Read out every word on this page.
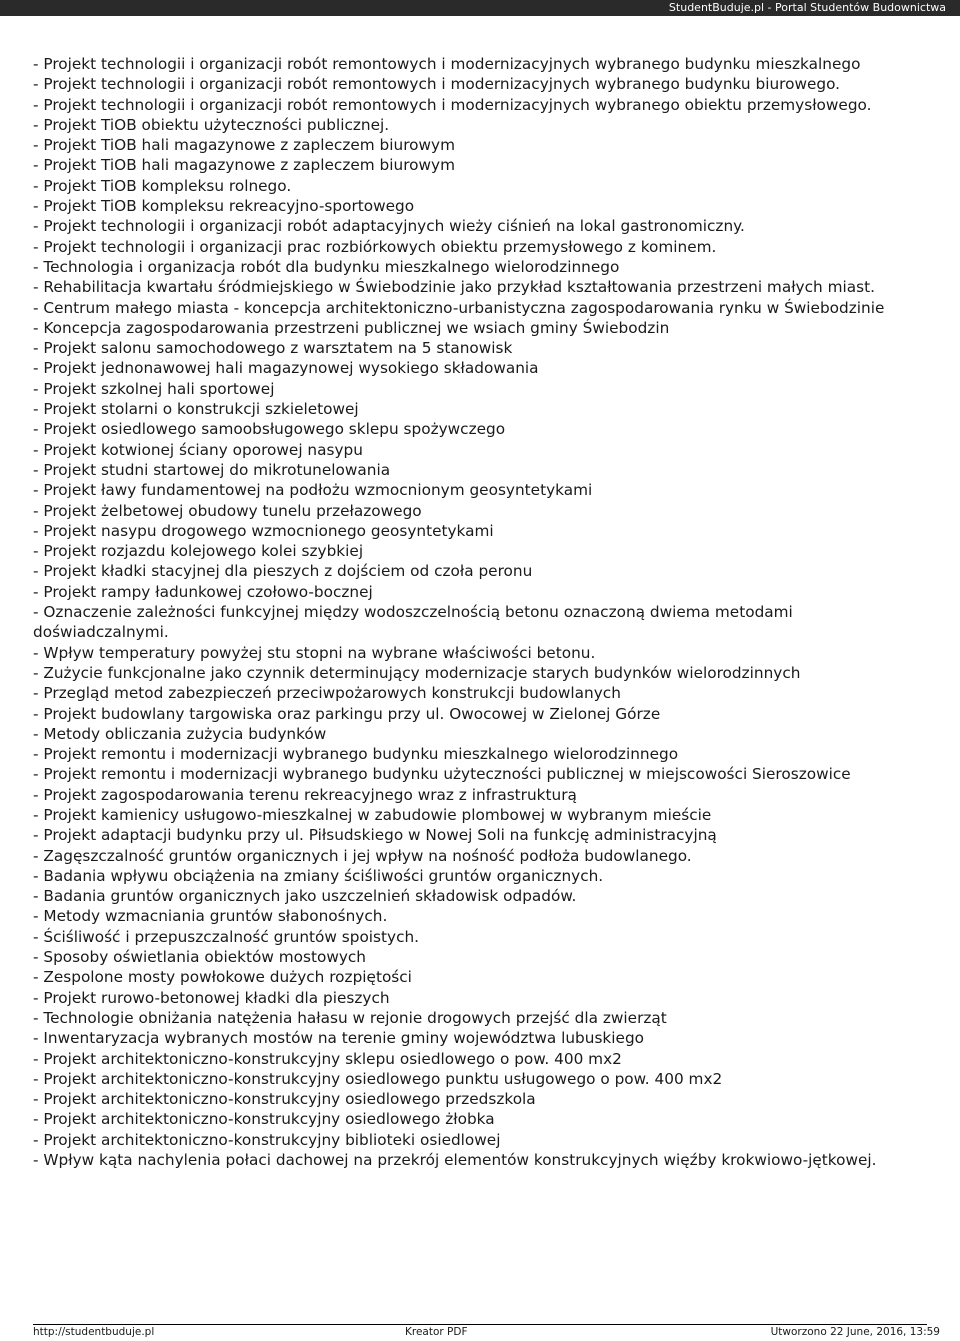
StudentBuduje.pl - Portal Studentów Budownictwa
- Projekt technologii i organizacji robót remontowych i modernizacyjnych wybranego budynku mieszkalnego
- Projekt technologii i organizacji robót remontowych i modernizacyjnych wybranego budynku biurowego.
- Projekt technologii i organizacji robót remontowych i modernizacyjnych wybranego obiektu przemysłowego.
- Projekt TiOB obiektu użyteczności publicznej.
- Projekt TiOB hali magazynowe z zapleczem biurowym
- Projekt TiOB hali magazynowe z zapleczem biurowym
- Projekt TiOB kompleksu rolnego.
- Projekt TiOB kompleksu rekreacyjno-sportowego
- Projekt technologii i organizacji robót adaptacyjnych wieży ciśnień na lokal gastronomiczny.
- Projekt technologii i organizacji prac rozbiórkowych obiektu przemysłowego z kominem.
- Technologia i organizacja robót dla budynku mieszkalnego wielorodzinnego
- Rehabilitacja kwartału śródmiejskiego w Świebodzinie jako przykład kształtowania przestrzeni małych miast.
- Centrum małego miasta - koncepcja architektoniczno-urbanistyczna zagospodarowania rynku w Świebodzinie
- Koncepcja zagospodarowania przestrzeni publicznej we wsiach gminy Świebodzin
- Projekt salonu samochodowego z warsztatem na 5 stanowisk
- Projekt jednonawowej hali magazynowej wysokiego składowania
- Projekt szkolnej hali sportowej
- Projekt stolarni o konstrukcji szkieletowej
- Projekt osiedlowego samoobsługowego sklepu spożywczego
- Projekt kotwionej ściany oporowej nasypu
- Projekt studni startowej do mikrotunelowania
- Projekt ławy fundamentowej na podłożu wzmocnionym geosyntetykami
- Projekt żelbetowej obudowy tunelu przełazowego
- Projekt nasypu drogowego wzmocnionego geosyntetykami
- Projekt rozjazdu kolejowego kolei szybkiej
- Projekt kładki stacyjnej dla pieszych z dojściem od czoła peronu
- Projekt rampy ładunkowej czołowo-bocznej
- Oznaczenie zależności funkcyjnej między wodoszczelnością betonu oznaczoną dwiema metodami doświadczalnymi.
- Wpływ temperatury powyżej stu stopni na wybrane właściwości betonu.
- Zużycie funkcjonalne jako czynnik determinujący modernizacje starych budynków wielorodzinnych
- Przegląd metod zabezpieczeń przeciwpożarowych konstrukcji budowlanych
- Projekt budowlany targowiska oraz parkingu przy ul. Owocowej w Zielonej Górze
- Metody obliczania zużycia budynków
- Projekt remontu i modernizacji wybranego budynku mieszkalnego wielorodzinnego
- Projekt remontu i modernizacji wybranego budynku użyteczności publicznej w miejscowości Sieroszowice
- Projekt zagospodarowania terenu rekreacyjnego wraz z infrastrukturą
- Projekt kamienicy usługowo-mieszkalnej w zabudowie plombowej w wybranym mieście
- Projekt adaptacji budynku przy ul. Piłsudskiego w Nowej Soli na funkcję administracyjną
- Zagęszczalność gruntów organicznych i jej wpływ na nośność podłoża budowlanego.
- Badania wpływu obciążenia na zmiany ściśliwości gruntów organicznych.
- Badania gruntów organicznych jako uszczelnień składowisk odpadów.
- Metody wzmacniania gruntów słabonośnych.
- Ściśliwość i przepuszczalność gruntów spoistych.
- Sposoby oświetlania obiektów mostowych
- Zespolone mosty powłokowe dużych rozpiętości
- Projekt rurowo-betonowej kładki dla pieszych
- Technologie obniżania natężenia hałasu w rejonie drogowych przejść dla zwierząt
- Inwentaryzacja wybranych mostów na terenie gminy województwa lubuskiego
- Projekt architektoniczno-konstrukcyjny sklepu osiedlowego o pow. 400 mx2
- Projekt architektoniczno-konstrukcyjny osiedlowego punktu usługowego o pow. 400 mx2
- Projekt architektoniczno-konstrukcyjny osiedlowego przedszkola
- Projekt architektoniczno-konstrukcyjny osiedlowego żłobka
- Projekt architektoniczno-konstrukcyjny biblioteki osiedlowej
- Wpływ kąta nachylenia połaci dachowej na przekrój elementów konstrukcyjnych więźby krokwiowo-jętkowej.
http://studentbuduje.pl	Kreator PDF	Utworzono 22 June, 2016, 13:59
